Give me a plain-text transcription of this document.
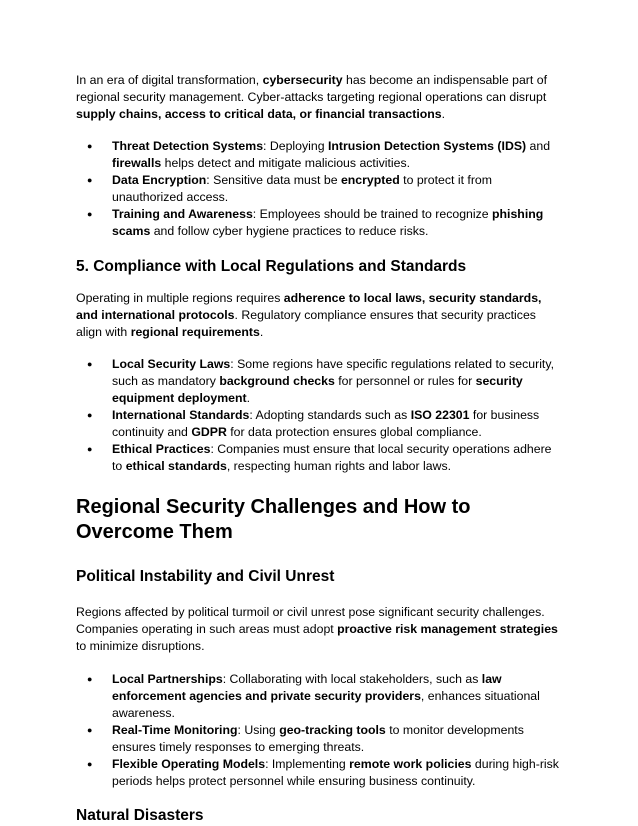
In an era of digital transformation, cybersecurity has become an indispensable part of regional security management. Cyber-attacks targeting regional operations can disrupt supply chains, access to critical data, or financial transactions.

● Threat Detection Systems: Deploying Intrusion Detection Systems (IDS) and firewalls helps detect and mitigate malicious activities.
● Data Encryption: Sensitive data must be encrypted to protect it from unauthorized access.
● Training and Awareness: Employees should be trained to recognize phishing scams and follow cyber hygiene practices to reduce risks.
5. Compliance with Local Regulations and Standards

Operating in multiple regions requires adherence to local laws, security standards, and international protocols. Regulatory compliance ensures that security practices align with regional requirements.

● Local Security Laws: Some regions have specific regulations related to security, such as mandatory background checks for personnel or rules for security equipment deployment.
● International Standards: Adopting standards such as ISO 22301 for business continuity and GDPR for data protection ensures global compliance.
● Ethical Practices: Companies must ensure that local security operations adhere to ethical standards, respecting human rights and labor laws.
Regional Security Challenges and How to Overcome Them
Political Instability and Civil Unrest

Regions affected by political turmoil or civil unrest pose significant security challenges. Companies operating in such areas must adopt proactive risk management strategies to minimize disruptions.

● Local Partnerships: Collaborating with local stakeholders, such as law enforcement agencies and private security providers, enhances situational awareness.
● Real-Time Monitoring: Using geo-tracking tools to monitor developments ensures timely responses to emerging threats.
● Flexible Operating Models: Implementing remote work policies during high-risk periods helps protect personnel while ensuring business continuity.
Natural Disasters
